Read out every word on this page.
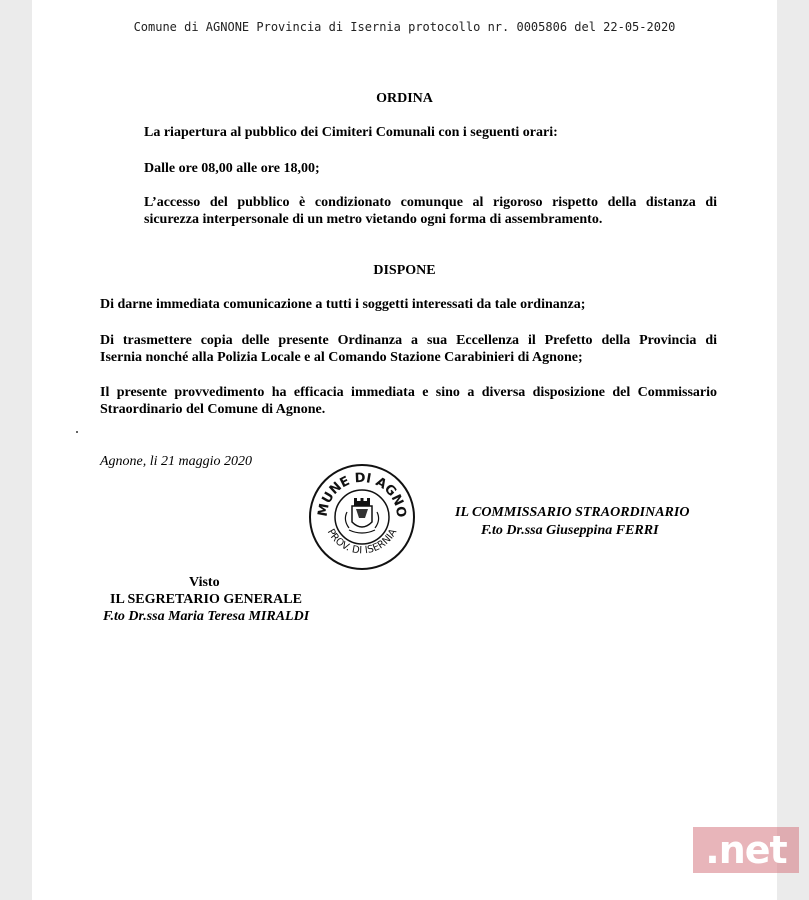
Comune di AGNONE Provincia di Isernia protocollo nr. 0005806 del 22-05-2020
ORDINA
La riapertura al pubblico dei Cimiteri Comunali con i seguenti orari:
Dalle ore 08,00 alle ore 18,00;
L’accesso del pubblico è condizionato comunque al rigoroso rispetto della distanza di
sicurezza interpersonale di un metro vietando ogni forma di assembramento.
DISPONE
Di darne immediata comunicazione a tutti i soggetti interessati da tale ordinanza;
Di trasmettere copia delle presente Ordinanza a sua Eccellenza il Prefetto della Provincia di
Isernia nonché alla Polizia Locale e al Comando Stazione Carabinieri di Agnone;
Il presente provvedimento ha efficacia immediata e sino a diversa disposizione del Commissario
Straordinario del Comune di Agnone.
Agnone, li 21 maggio 2020
MUNE DI AGNO
PROV. DI ISERNIA
IL COMMISSARIO STRAORDINARIO
F.to Dr.ssa Giuseppina FERRI
Visto
IL SEGRETARIO GENERALE
F.to Dr.ssa Maria Teresa MIRALDI
.net
